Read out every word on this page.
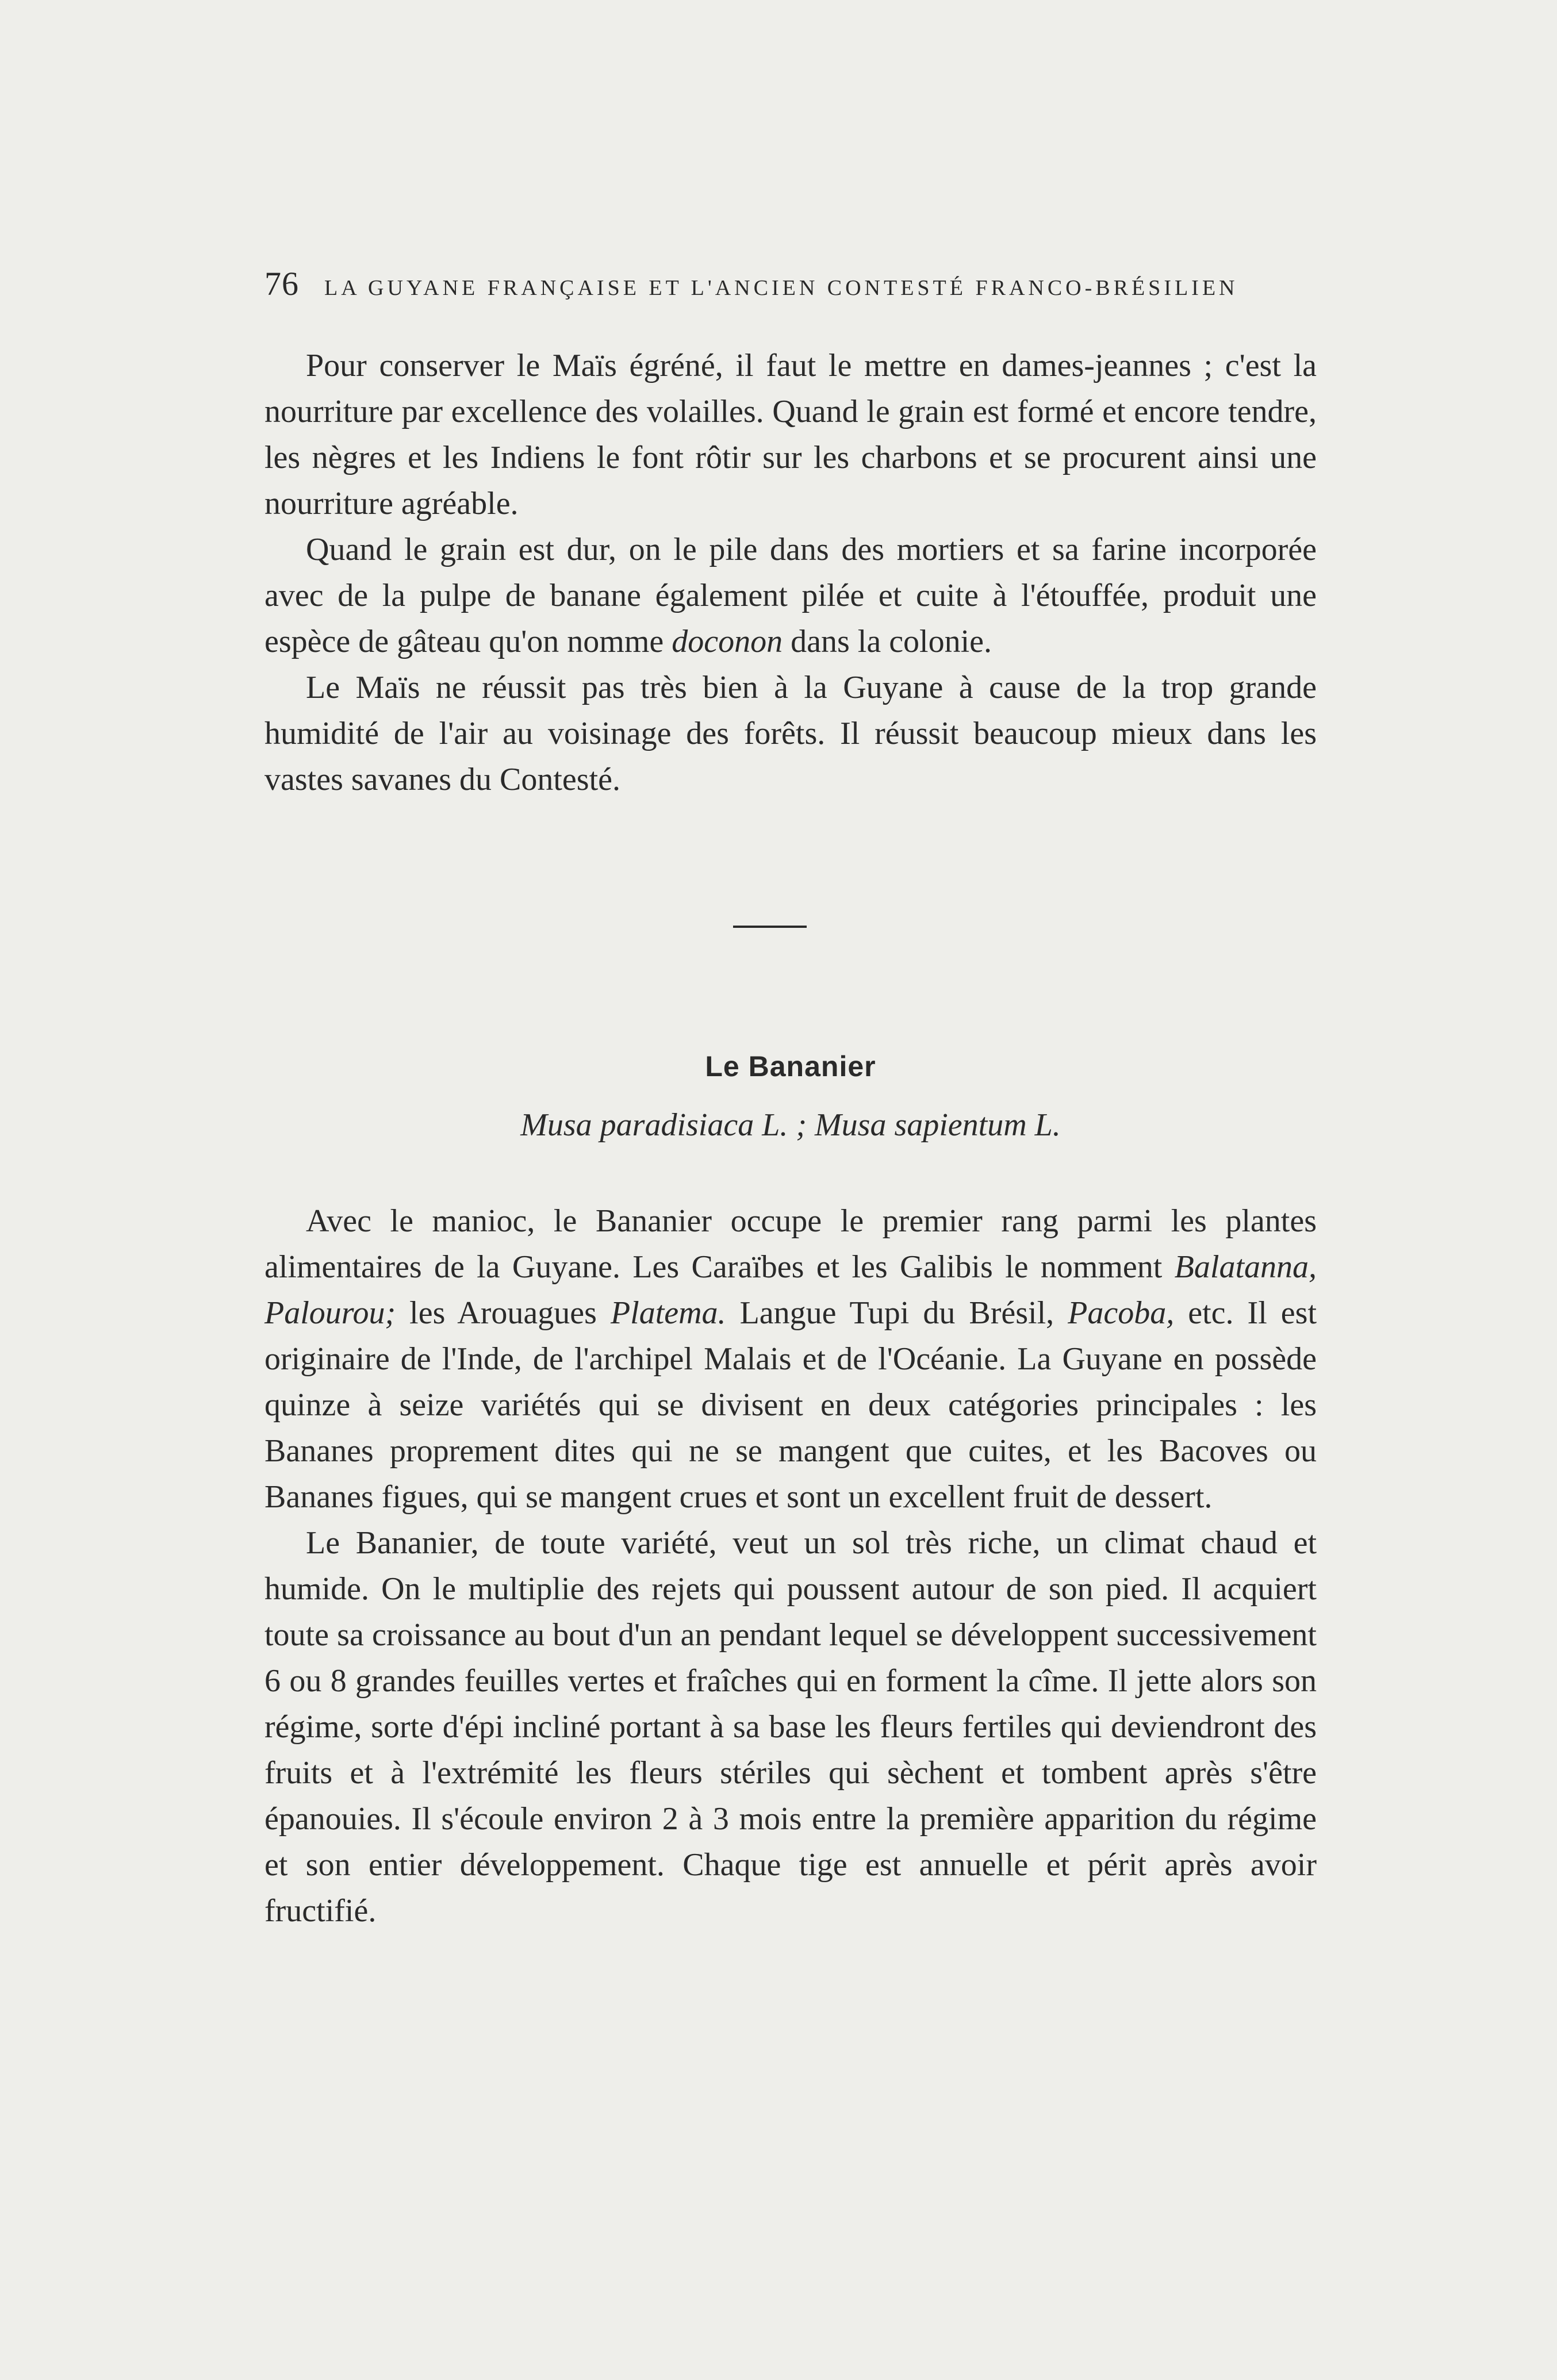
76 LA GUYANE FRANÇAISE ET L'ANCIEN CONTESTÉ FRANCO-BRÉSILIEN

Pour conserver le Maïs égréné, il faut le mettre en dames-jeannes ; c'est la nourriture par excellence des volailles. Quand le grain est formé et encore tendre, les nègres et les Indiens le font rôtir sur les charbons et se procurent ainsi une nourriture agréable.

Quand le grain est dur, on le pile dans des mortiers et sa farine incorporée avec de la pulpe de banane également pilée et cuite à l'étouffée, produit une espèce de gâteau qu'on nomme doconon dans la colonie.

Le Maïs ne réussit pas très bien à la Guyane à cause de la trop grande humidité de l'air au voisinage des forêts. Il réussit beaucoup mieux dans les vastes savanes du Contesté.

Le Bananier
Musa paradisiaca L. ; Musa sapientum L.

Avec le manioc, le Bananier occupe le premier rang parmi les plantes alimentaires de la Guyane. Les Caraïbes et les Galibis le nomment Balatanna, Palourou; les Arouagues Platema. Langue Tupi du Brésil, Pacoba, etc. Il est originaire de l'Inde, de l'archipel Malais et de l'Océanie. La Guyane en possède quinze à seize variétés qui se divisent en deux catégories principales : les Bananes proprement dites qui ne se mangent que cuites, et les Bacoves ou Bananes figues, qui se mangent crues et sont un excellent fruit de dessert.

Le Bananier, de toute variété, veut un sol très riche, un climat chaud et humide. On le multiplie des rejets qui poussent autour de son pied. Il acquiert toute sa croissance au bout d'un an pendant lequel se développent successivement 6 ou 8 grandes feuilles vertes et fraîches qui en forment la cîme. Il jette alors son régime, sorte d'épi incliné portant à sa base les fleurs fertiles qui deviendront des fruits et à l'extrémité les fleurs stériles qui sèchent et tombent après s'être épanouies. Il s'écoule environ 2 à 3 mois entre la première apparition du régime et son entier développement. Chaque tige est annuelle et périt après avoir fructifié.
